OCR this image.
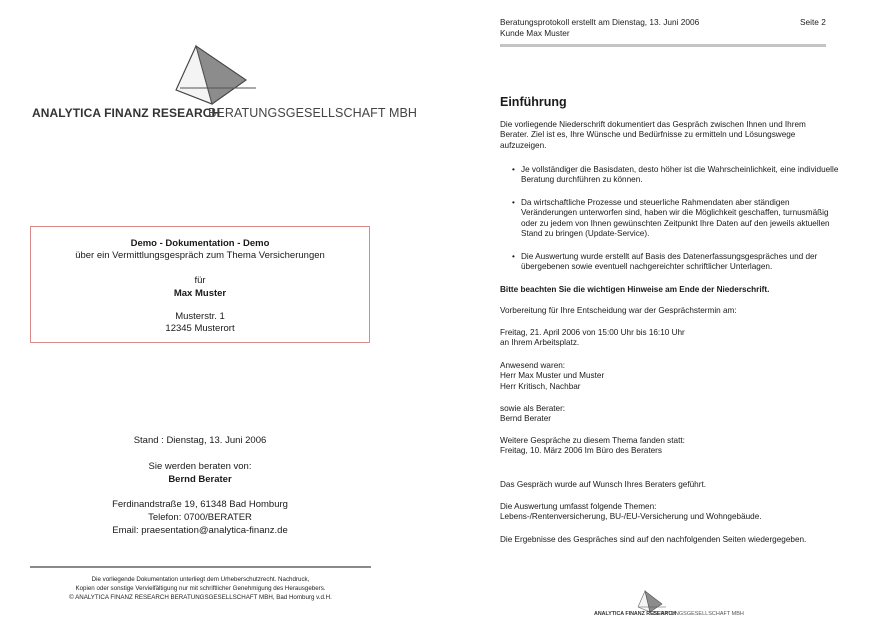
ANALYTICA FINANZ RESEARCH
BERATUNGSGESELLSCHAFT MBH
Demo - Dokumentation - Demo
über ein Vermittlungsgespräch zum Thema Versicherungen
für
Max Muster
Musterstr. 1
12345 Musterort
Stand : Dienstag, 13. Juni 2006
Sie werden beraten von:
Bernd Berater
Ferdinandstraße 19, 61348 Bad Homburg
Telefon: 0700/BERATER
Email: praesentation@analytica-finanz.de
Die vorliegende Dokumentation unterliegt dem Urheberschutzrecht. Nachdruck,
Kopien oder sonstige Vervielfältigung nur mit schriftlicher Genehmigung des Herausgebers.
© ANALYTICA FINANZ RESEARCH BERATUNGSGESELLSCHAFT MBH, Bad Homburg v.d.H.
Beratungsprotokoll erstellt am Dienstag, 13. Juni 2006
Kunde Max Muster
Seite 2
Einführung
Die vorliegende Niederschrift dokumentiert das Gespräch zwischen Ihnen und Ihrem
Berater. Ziel ist es, Ihre Wünsche und Bedürfnisse zu ermitteln und Lösungswege
aufzuzeigen.
• Je vollständiger die Basisdaten, desto höher ist die Wahrscheinlichkeit, eine individuelle
Beratung durchführen zu können.
• Da wirtschaftliche Prozesse und steuerliche Rahmendaten aber ständigen
Veränderungen unterworfen sind, haben wir die Möglichkeit geschaffen, turnusmäßig
oder zu jedem von Ihnen gewünschten Zeitpunkt Ihre Daten auf den jeweils aktuellen
Stand zu bringen (Update-Service).
• Die Auswertung wurde erstellt auf Basis des Datenerfassungsgespräches und der
übergebenen sowie eventuell nachgereichter schriftlicher Unterlagen.
Bitte beachten Sie die wichtigen Hinweise am Ende der Niederschrift.
Vorbereitung für Ihre Entscheidung war der Gesprächstermin am:
Freitag, 21. April 2006 von 15:00 Uhr bis 16:10 Uhr
an Ihrem Arbeitsplatz.
Anwesend waren:
Herr Max Muster und Muster
Herr Kritisch, Nachbar
sowie als Berater:
Bernd Berater
Weitere Gespräche zu diesem Thema fanden statt:
Freitag, 10. März 2006 Im Büro des Beraters
Das Gespräch wurde auf Wunsch Ihres Beraters geführt.
Die Auswertung umfasst folgende Themen:
Lebens-/Rentenversicherung, BU-/EU-Versicherung und Wohngebäude.
Die Ergebnisse des Gespräches sind auf den nachfolgenden Seiten wiedergegeben.
ANALYTICA FINANZ RESEARCH
BERATUNGSGESELLSCHAFT MBH
